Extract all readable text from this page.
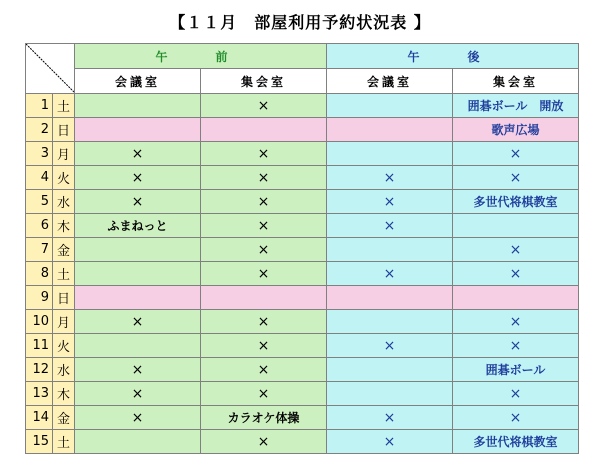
【１１月　部屋利用予約状況表 】
	午　前		午　後	
		会議室	集会室	会議室	集会室
1	土		×		囲碁ボール　開放
2	日				歌声広場
3	月	×	×		×
4	火	×	×	×	×
5	水	×	×	×	多世代将棋教室
6	木	ふまねっと	×	×	
7	金		×		×
8	土		×	×	×
9	日				
10	月	×	×		×
11	火		×	×	×
12	水	×	×		囲碁ボール
13	木	×	×		×
14	金	×	カラオケ体操	×	×
15	土		×	×	多世代将棋教室
